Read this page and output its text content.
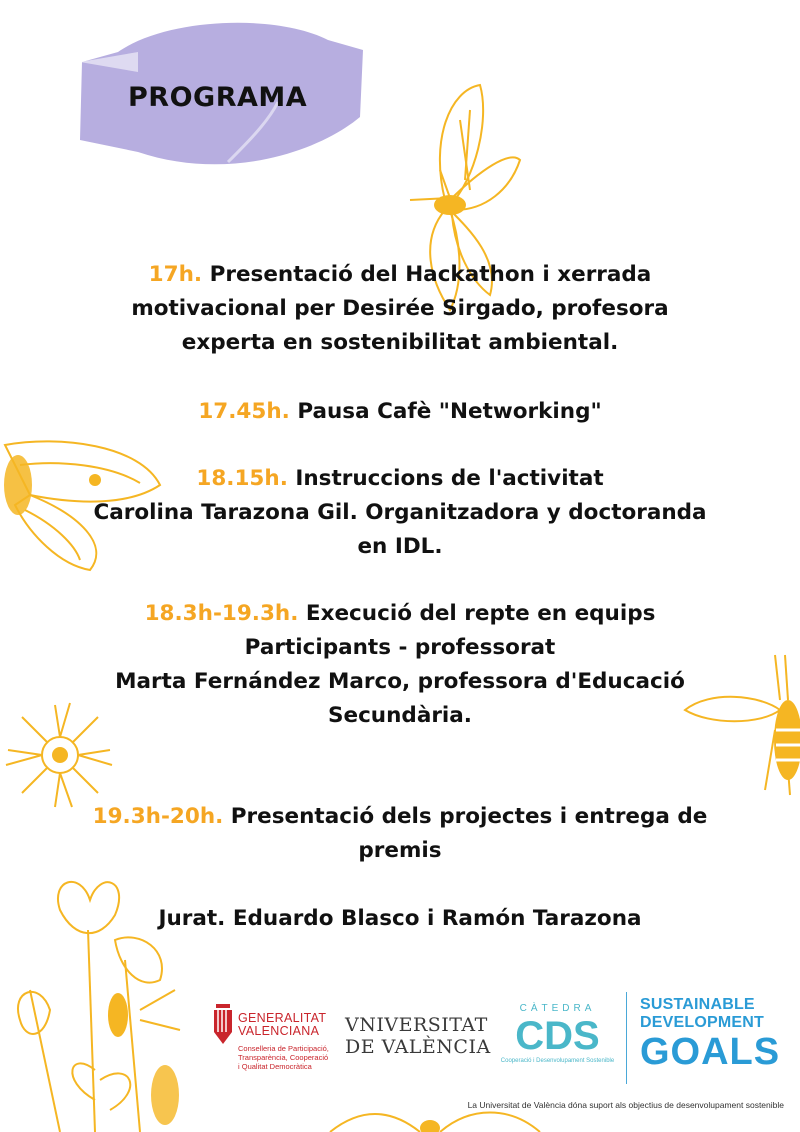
PROGRAMA

17h. Presentació del Hackathon i xerrada

motivacional per Desirée Sirgado, profesora

experta en sostenibilitat ambiental.

17.45h. Pausa Cafè "Networking"

18.15h. Instruccions de l'activitat

Carolina Tarazona Gil. Organitzadora y doctoranda

en IDL.

18.3h-19.3h. Execució del repte en equips

Participants - professorat

Marta Fernández Marco, professora d'Educació

Secundària.

19.3h-20h. Presentació dels projectes i entrega de

premis

Jurat. Eduardo Blasco i Ramón Tarazona

GENERALITAT
VALENCIANA
Conselleria de Participació,
Transparència, Cooperació
i Qualitat Democràtica
VNIVERSITAT
DE VALÈNCIA
CÀTEDRA
CDS
Cooperació i Desenvolupament Sostenible
SUSTAINABLE
DEVELOPMENT
GOALS
La Universitat de València dóna suport als objectius de desenvolupament sostenible
